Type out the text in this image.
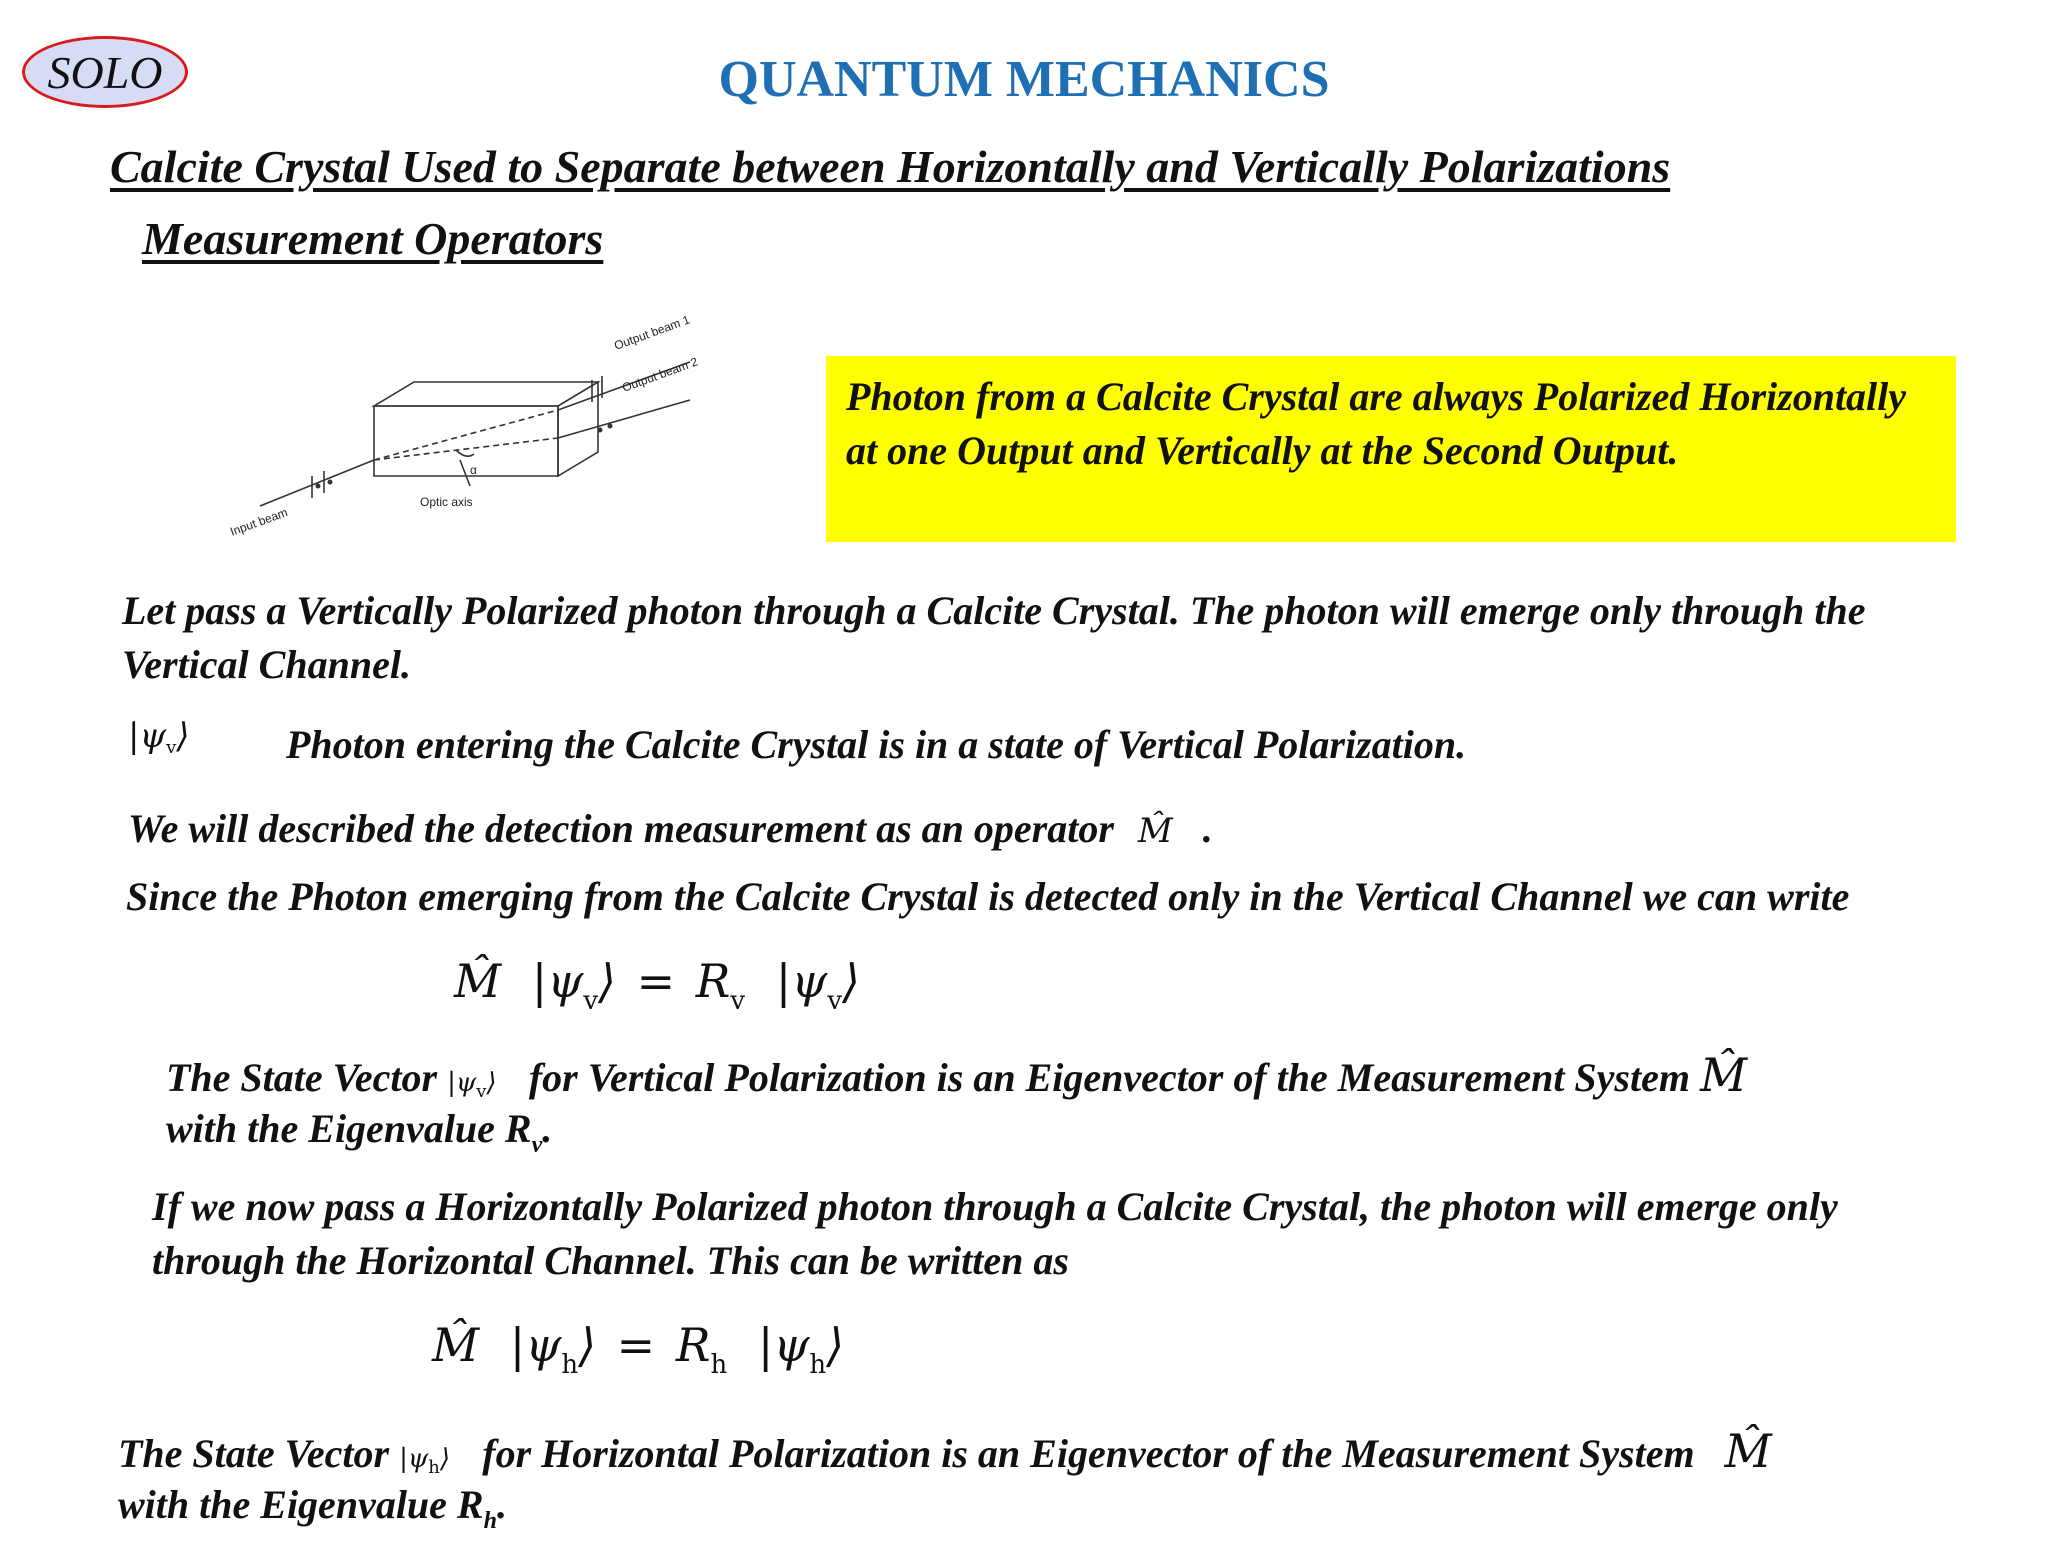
SOLO	QUANTUM MECHANICS
Calcite Crystal Used to Separate between Horizontally and Vertically Polarizations
Measurement Operators
Output beam 1
Output beam 2
Input beam
Optic axis
α
Photon from a Calcite Crystal are always Polarized Horizontally at one Output and Vertically at the Second Output.
Let pass a Vertically Polarized photon through a Calcite Crystal. The photon will emerge only through the Vertical Channel.
|ψv⟩ Photon entering the Calcite Crystal is in a state of Vertical Polarization.
We will described the detection measurement as an operator M̂ .
Since the Photon emerging from the Calcite Crystal is detected only in the Vertical Channel we can write
M̂ $|\psi_v⟩ = R_v$ $|\psi_v⟩$
The State Vector $|\psi_v⟩$ for Vertical Polarization is an Eigenvector of the Measurement System M̂
with the Eigenvalue $R_v$.
If we now pass a Horizontally Polarized photon through a Calcite Crystal, the photon will emerge only through the Horizontal Channel. This can be written as
M̂ $|\psi_h⟩ = R_h$ $|\psi_h⟩$
The State Vector $|\psi_h⟩$ for Horizontal Polarization is an Eigenvector of the Measurement System M̂
with the Eigenvalue $R_h$.
